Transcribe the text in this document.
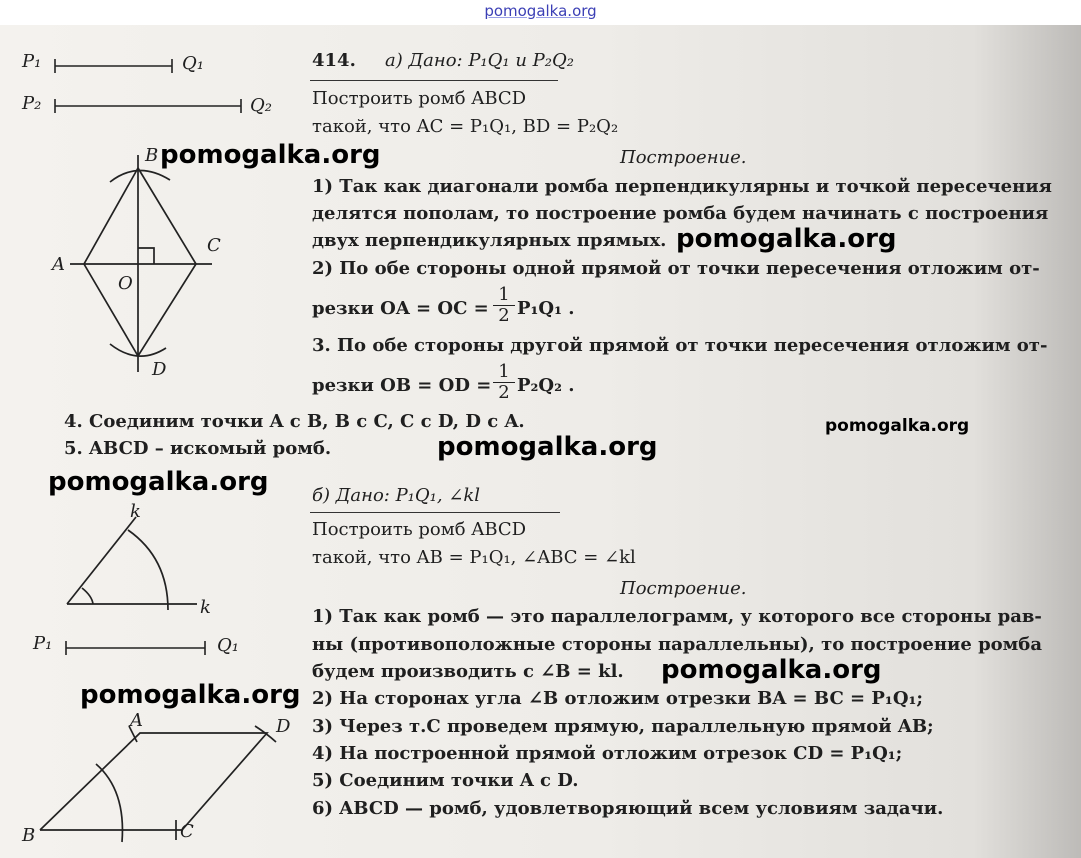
pomogalka.org
P₁	Q₁
P₂	Q₂
B
A
C
O
D
k
k
P₁	Q₁
A	D
B	C
414. а) Дано: P₁Q₁ и P₂Q₂
Построить ромб ABCD
такой, что AC = P₁Q₁, BD = P₂Q₂
Построение.
1) Так как диагонали ромба перпендикулярны и точкой пересечения
делятся пополам, то построение ромба будем начинать с построения
двух перпендикулярных прямых.
2) По обе стороны одной прямой от точки пересечения отложим от-
резки OA = OC = $\frac{1}{2} P_1Q_1$ .
3. По обе стороны другой прямой от точки пересечения отложим от-
резки OB = OD = $\frac{1}{2} P_2Q_2$ .
4. Соединим точки A с B, B с C, C с D, D с A.
5. ABCD – искомый ромб.
б) Дано: P₁Q₁, ∠kl
Построить ромб ABCD
такой, что AB = P₁Q₁, ∠ABC = ∠kl
Построение.
1) Так как ромб — это параллелограмм, у которого все стороны рав-
ны (противоположные стороны параллельны), то построение ромба
будем производить с ∠B = kl.
2) На сторонах угла ∠B отложим отрезки BA = BC = P₁Q₁;
3) Через т.C проведем прямую, параллельную прямой AB;
4) На построенной прямой отложим отрезок CD = P₁Q₁;
5) Соединим точки A с D.
6) ABCD — ромб, удовлетворяющий всем условиям задачи.
pomogalka.org
pomogalka.org
pomogalka.org
pomogalka.org
pomogalka.org
pomogalka.org
pomogalka.org
